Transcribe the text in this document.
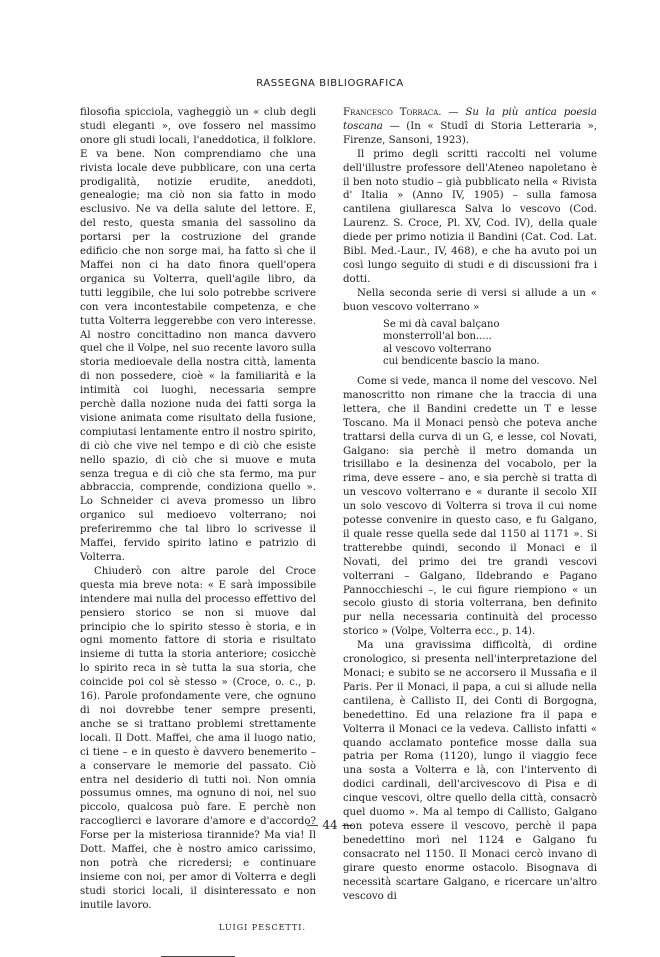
RASSEGNA BIBLIOGRAFICA

filosofia spicciola, vagheggiò un « club degli studi eleganti », ove fossero nel massimo onore gli studi locali, l'aneddotica, il folklore. E va bene. Non comprendiamo che una rivista locale deve pubblicare, con una certa prodigalità, notizie erudite, aneddoti, genealogie; ma ciò non sia fatto in modo esclusivo. Ne va della salute del lettore. E, del resto, questa smania del sassolino da portarsi per la costruzione del grande edificio che non sorge mai, ha fatto sì che il Maffei non ci ha dato finora quell'opera organica su Volterra, quell'agile libro, da tutti leggibile, che lui solo potrebbe scrivere con vera incontestabile competenza, e che tutta Volterra leggerebbe con vero interesse. Al nostro concittadino non manca davvero quel che il Volpe, nel suo recente lavoro sulla storia medioevale della nostra città, lamenta di non possedere, cioè « la familiarità e la intimità coi luoghi, necessaria sempre perchè dalla nozione nuda dei fatti sorga la visione animata come risultato della fusione, compiutasi lentamente entro il nostro spirito, di ciò che vive nel tempo e di ciò che esiste nello spazio, di ciò che si muove e muta senza tregua e di ciò che sta fermo, ma pur abbraccia, comprende, condiziona quello ». Lo Schneider ci aveva promesso un libro organico sul medioevo volterrano; noi preferiremmo che tal libro lo scrivesse il Maffei, fervido spirito latino e patrizio di Volterra.

Chiuderò con altre parole del Croce questa mia breve nota: « E sarà impossibile intendere mai nulla del processo effettivo del pensiero storico se non si muove dal principio che lo spirito stesso è storia, e in ogni momento fattore di storia e risultato insieme di tutta la storia anteriore; cosicchè lo spirito reca in sè tutta la sua storia, che coincide poi col sè stesso » (Croce, o. c., p. 16). Parole profondamente vere, che ognuno di noi dovrebbe tener sempre presenti, anche se si trattano problemi strettamente locali. Il Dott. Maffei, che ama il luogo natio, ci tiene – e in questo è davvero benemerito – a conservare le memorie del passato. Ciò entra nel desiderio di tutti noi. Non omnia possumus omnes, ma ognuno di noi, nel suo piccolo, qualcosa può fare. E perchè non raccoglierci e lavorare d'amore e d'accordo? Forse per la misteriosa tirannide? Ma via! Il Dott. Maffei, che è nostro amico carissimo, non potrà che ricredersi; e continuare insieme con noi, per amor di Volterra e degli studi storici locali, il disinteressato e non inutile lavoro.

LUIGI PESCETTI.

Francesco Torraca. — Su la più antica poesia toscana — (In « Studî di Storia Letteraria », Firenze, Sansoni, 1923).

Il primo degli scritti raccolti nel volume dell'illustre professore dell'Ateneo napoletano è il ben noto studio – già pubblicato nella « Rivista d' Italia » (Anno IV, 1905) – sulla famosa cantilena giullaresca Salva lo vescovo (Cod. Laurenz. S. Croce, Pl. XV, Cod. IV), della quale diede per primo notizia il Bandini (Cat. Cod. Lat. Bibl. Med.-Laur., IV, 468), e che ha avuto poi un così lungo seguito di studi e di discussioni fra i dotti.

Nella seconda serie di versi si allude a un « buon vescovo volterrano »

Se mi dà caval balçano
monsterroll'al bon.....
al vescovo volterrano
cui bendicente bascio la mano.

Come si vede, manca il nome del vescovo. Nel manoscritto non rimane che la traccia di una lettera, che il Bandini credette un T e lesse Toscano. Ma il Monaci pensò che poteva anche trattarsi della curva di un G, e lesse, col Novati, Galgano: sia perchè il metro domanda un trisillabo e la desinenza del vocabolo, per la rima, deve essere – ano, e sia perchè si tratta di un vescovo volterrano e « durante il secolo XII un solo vescovo di Volterra si trova il cui nome potesse convenire in questo caso, e fu Galgano, il quale resse quella sede dal 1150 al 1171 ». Si tratterebbe quindi, secondo il Monaci e il Novati, del primo dei tre grandi vescovi volterrani – Galgano, Ildebrando e Pagano Pannocchieschi –, le cui figure riempiono « un secolo giusto di storia volterrana, ben definito pur nella necessaria continuità del processo storico » (Volpe, Volterra ecc., p. 14).

Ma una gravissima difficoltà, di ordine cronologico, si presenta nell'interpretazione del Monaci; e subito se ne accorsero il Mussafia e il Paris. Per il Monaci, il papa, a cui si allude nella cantilena, è Callisto II, dei Conti di Borgogna, benedettino. Ed una relazione fra il papa e Volterra il Monaci ce la vedeva. Callisto infatti « quando acclamato pontefice mosse dalla sua patria per Roma (1120), lungo il viaggio fece una sosta a Volterra e là, con l'intervento di dodici cardinali, dell'arcivescovo di Pisa e di cinque vescovi, oltre quello della città, consacrò quel duomo ». Ma al tempo di Callisto, Galgano non poteva essere il vescovo, perchè il papa benedettino morì nel 1124 e Galgano fu consacrato nel 1150. Il Monaci cercò invano di girare questo enorme ostacolo. Bisognava di necessità scartare Galgano, e ricercare un'altro vescovo di

— 44 —
